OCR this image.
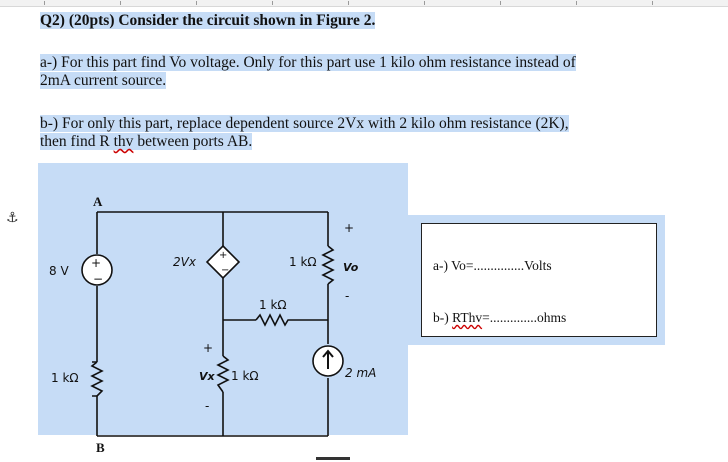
Q2) (20pts) Consider the circuit shown in Figure 2.
a-) For this part find Vo voltage. Only for this part use 1 kilo ohm resistance instead of
2mA current source.
b-) For only this part, replace dependent source 2Vx with 2 kilo ohm resistance (2K),
then find R thv between ports AB.
⚓
+
−
+
−
A
B
8 V
1 kΩ
2Vx	1 kΩ
+
Vo
-
1 kΩ
+
Vx
-
1 kΩ	2 mA
a-) Vo=...............Volts
b-) RThv=..............ohms
